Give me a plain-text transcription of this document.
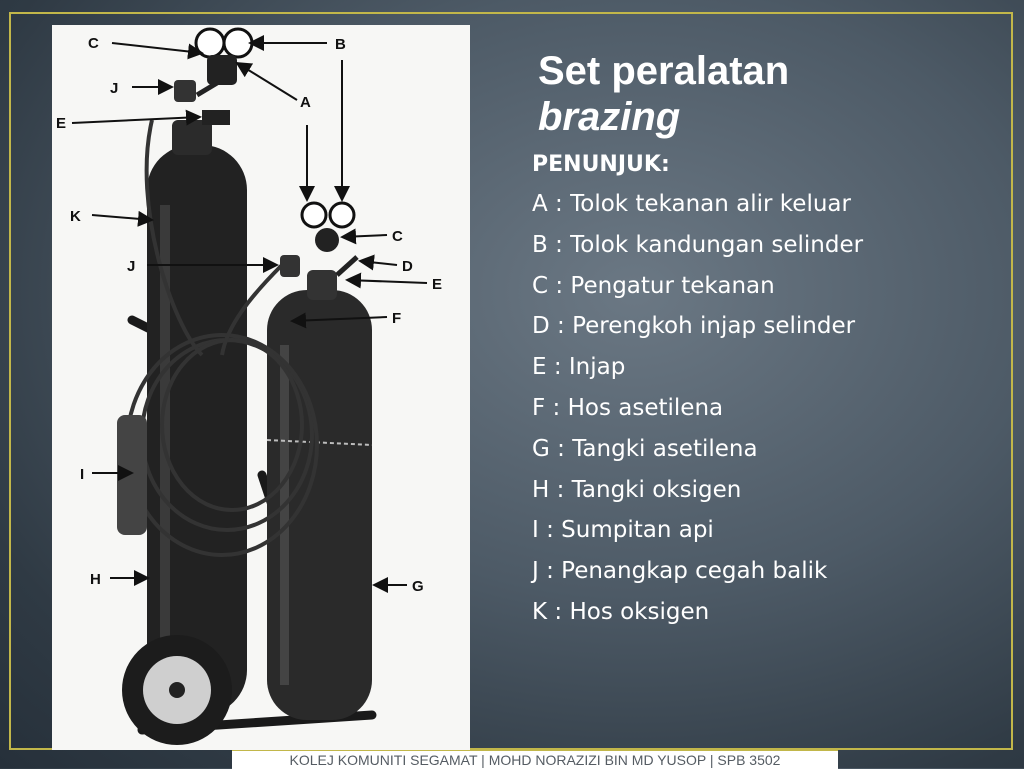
C	B
J
A
E
K
C
J	D
E
F
I
H	G
Set peralatan
brazing
PENUNJUK:
A : Tolok tekanan alir keluar
B : Tolok kandungan selinder
C : Pengatur tekanan
D : Perengkoh injap selinder
E : Injap
F : Hos asetilena
G : Tangki asetilena
H : Tangki oksigen
I : Sumpitan api
J : Penangkap cegah balik
K : Hos oksigen
KOLEJ KOMUNITI SEGAMAT | MOHD NORAZIZI BIN MD YUSOP | SPB 3502
